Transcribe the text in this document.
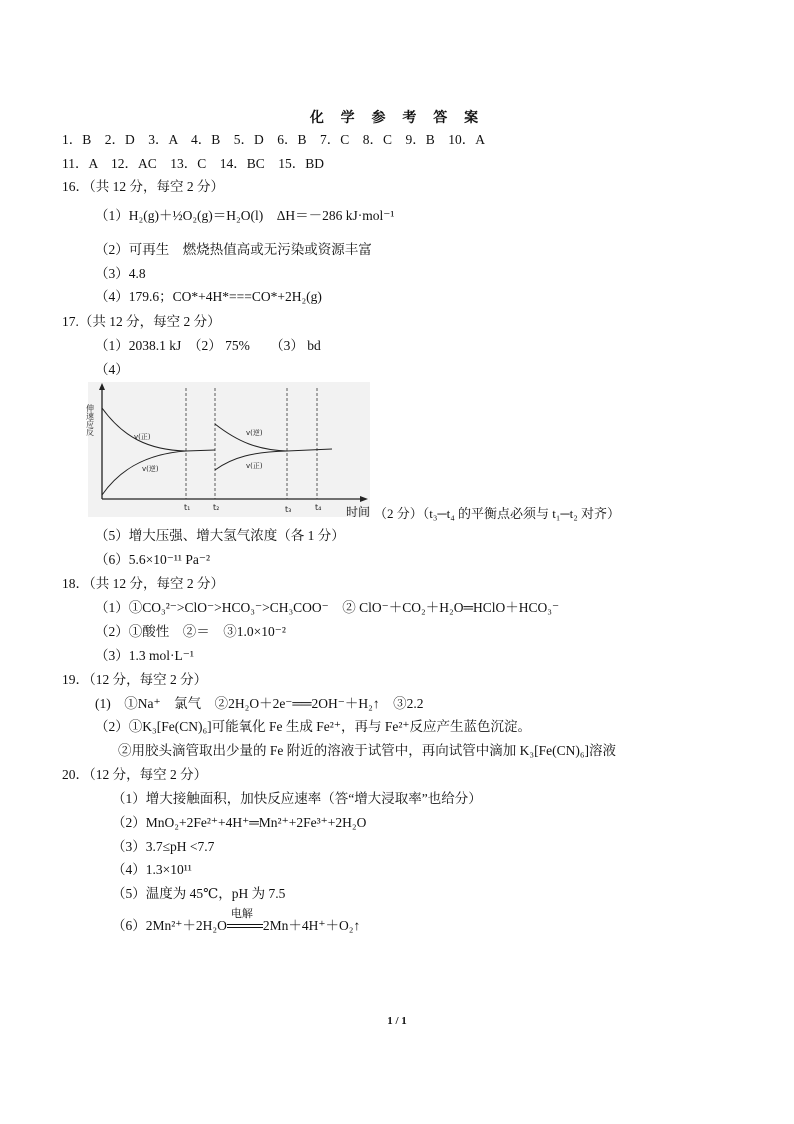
化 学 参 考 答 案
1．B　2．D　3．A　4．B　5．D　6．B　7．C　8．C　9．B　10．A
11．A　12．AC　13．C　14．BC　15．BD
16．（共 12 分，每空 2 分）
（1）H₂(g)＋½O₂(g)＝H₂O(l)　ΔH＝－286 kJ·mol⁻¹
（2）可再生　燃烧热值高或无污染或资源丰富
（3）4.8
（4）179.6；CO*+4H*===CO*+2H₂(g)
17.（共 12 分，每空 2 分）
（1）2038.1 kJ　（2） 75%　　（3） bd
（4）
伸速应反
v(正)
v(逆)
v(逆)
v(正)
t₁	t₂	t₃	t₄ 时间 （2 分）（t₃─t₄ 的平衡点必须与 t₁─t₂ 对齐）
（5）增大压强、增大氢气浓度（各 1 分）
（6）5.6×10⁻¹¹ Pa⁻²
18．（共 12 分，每空 2 分）
（1）①CO₃²⁻>ClO⁻>HCO₃⁻>CH₃COO⁻　② ClO⁻＋CO₂＋H₂O═HClO＋HCO₃⁻
（2）①酸性　②＝　③1.0×10⁻²
（3）1.3 mol·L⁻¹
19．（12 分，每空 2 分）
(1)　①Na⁺　氯气　②2H₂O＋2e⁻══2OH⁻＋H₂↑　③2.2
（2）①K₃[Fe(CN)₆]可能氧化 Fe 生成 Fe²⁺，再与 Fe²⁺反应产生蓝色沉淀。
②用胶头滴管取出少量的 Fe 附近的溶液于试管中，再向试管中滴加 K₃[Fe(CN)₆]溶液
20．（12 分，每空 2 分）
（1）增大接触面积，加快反应速率（答“增大浸取率”也给分）
（2）MnO₂+2Fe²⁺+4H⁺═Mn²⁺+2Fe³⁺+2H₂O
（3）3.7≤pH <7.7
（4）1.3×10¹¹
（5）温度为 45℃，pH 为 7.5
（6）2Mn²⁺＋2H₂O
电解
2Mn＋4H⁺＋O₂↑
1 / 1
